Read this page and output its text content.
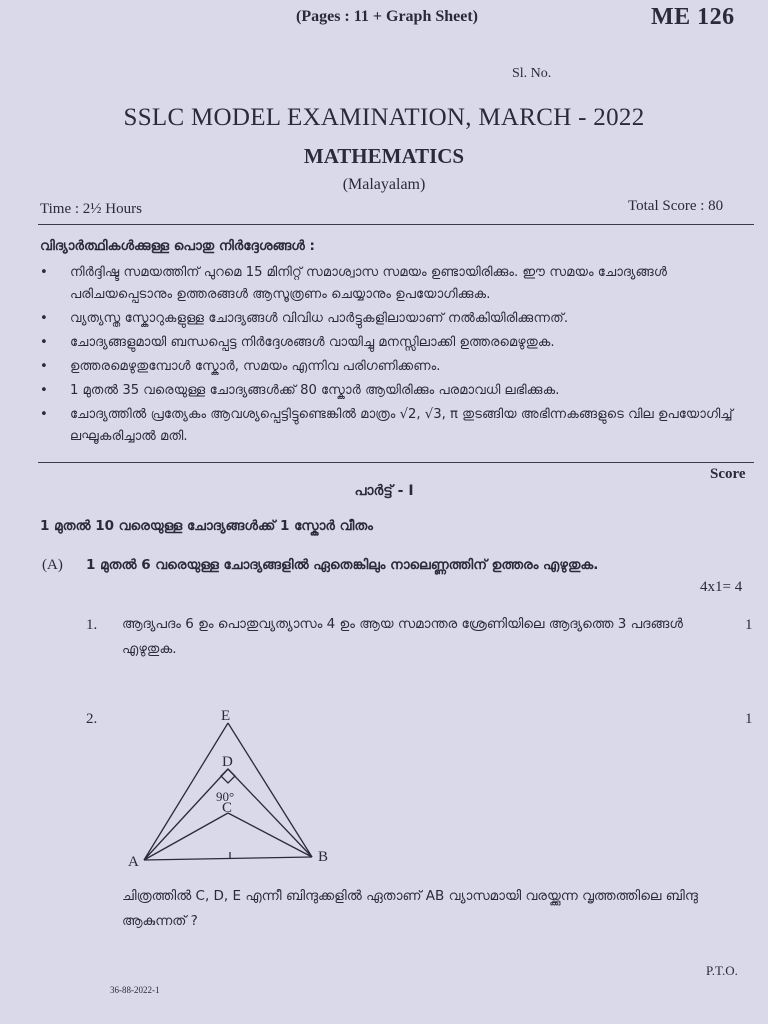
(Pages : 11 + Graph Sheet)	ME 126
Sl. No.
SSLC MODEL EXAMINATION, MARCH - 2022
MATHEMATICS
(Malayalam)
Time : 2½ Hours	Total Score : 80
വിദ്യാർത്ഥികൾക്കുള്ള പൊതു നിർദ്ദേശങ്ങൾ :
•	നിർദ്ദിഷ്ട സമയത്തിന് പുറമെ 15 മിനിറ്റ് സമാശ്വാസ സമയം ഉണ്ടായിരിക്കും. ഈ സമയം ചോദ്യങ്ങൾ പരിചയപ്പെടാനും ഉത്തരങ്ങൾ ആസൂത്രണം ചെയ്യാനും ഉപയോഗിക്കുക.
•	വ്യത്യസ്ത സ്കോറുകളുള്ള ചോദ്യങ്ങൾ വിവിധ പാർട്ടുകളിലായാണ് നൽകിയിരിക്കുന്നത്.
•	ചോദ്യങ്ങളുമായി ബന്ധപ്പെട്ട നിർദ്ദേശങ്ങൾ വായിച്ചു മനസ്സിലാക്കി ഉത്തരമെഴുതുക.
•	ഉത്തരമെഴുതുമ്പോൾ സ്കോർ, സമയം എന്നിവ പരിഗണിക്കണം.
•	1 മുതൽ 35 വരെയുള്ള ചോദ്യങ്ങൾക്ക് 80 സ്കോർ ആയിരിക്കും പരമാവധി ലഭിക്കുക.
•	ചോദ്യത്തിൽ പ്രത്യേകം ആവശ്യപ്പെട്ടിട്ടുണ്ടെങ്കിൽ മാത്രം √2, √3, π തുടങ്ങിയ അഭിന്നകങ്ങളുടെ വില ഉപയോഗിച്ച് ലഘൂകരിച്ചാൽ മതി.
Score
പാർട്ട് - I
1 മുതൽ 10 വരെയുള്ള ചോദ്യങ്ങൾക്ക് 1 സ്കോർ വീതം
(A) 1 മുതൽ 6 വരെയുള്ള ചോദ്യങ്ങളിൽ ഏതെങ്കിലും നാലെണ്ണത്തിന് ഉത്തരം എഴുതുക.
4x1= 4
1. ആദ്യപദം 6 ഉം പൊതുവ്യത്യാസം 4 ഉം ആയ സമാന്തര ശ്രേണിയിലെ ആദ്യത്തെ 3 പദങ്ങൾ എഴുതുക.
1
2.	1
E
D
90°
C
A	B
ചിത്രത്തിൽ C, D, E എന്നീ ബിന്ദുക്കളിൽ ഏതാണ് AB വ്യാസമായി വരയ്ക്കുന്ന വൃത്തത്തിലെ ബിന്ദു ആകുന്നത് ?
P.T.O.
36-88-2022-1
